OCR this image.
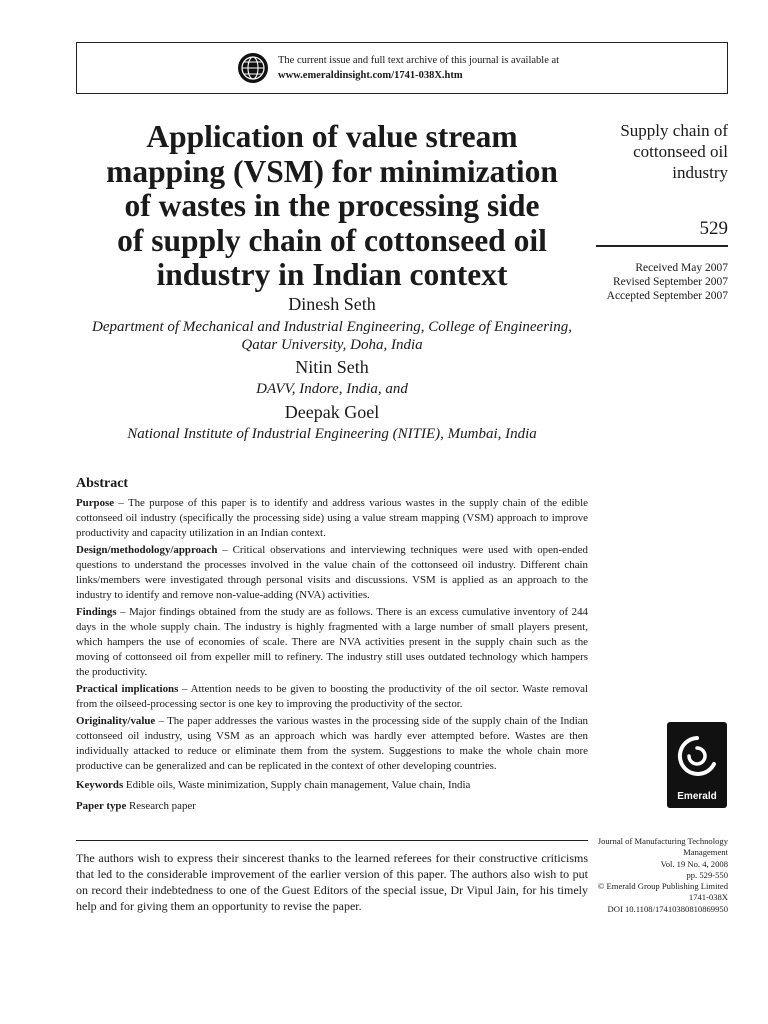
The current issue and full text archive of this journal is available at
www.emeraldinsight.com/1741-038X.htm
Application of value stream
mapping (VSM) for minimization
of wastes in the processing side
of supply chain of cottonseed oil
industry in Indian context
Dinesh Seth
Department of Mechanical and Industrial Engineering, College of Engineering,
Qatar University, Doha, India
Nitin Seth
DAVV, Indore, India, and
Deepak Goel
National Institute of Industrial Engineering (NITIE), Mumbai, India
Supply chain of
cottonseed oil
industry
529
Received May 2007
Revised September 2007
Accepted September 2007
Abstract

Purpose – The purpose of this paper is to identify and address various wastes in the supply chain of the edible cottonseed oil industry (specifically the processing side) using a value stream mapping (VSM) approach to improve productivity and capacity utilization in an Indian context.

Design/methodology/approach – Critical observations and interviewing techniques were used with open-ended questions to understand the processes involved in the value chain of the cottonseed oil industry. Different chain links/members were investigated through personal visits and discussions. VSM is applied as an approach to the industry to identify and remove non-value-adding (NVA) activities.

Findings – Major findings obtained from the study are as follows. There is an excess cumulative inventory of 244 days in the whole supply chain. The industry is highly fragmented with a large number of small players present, which hampers the use of economies of scale. There are NVA activities present in the supply chain such as the moving of cottonseed oil from expeller mill to refinery. The industry still uses outdated technology which hampers the productivity.

Practical implications – Attention needs to be given to boosting the productivity of the oil sector. Waste removal from the oilseed-processing sector is one key to improving the productivity of the sector.

Originality/value – The paper addresses the various wastes in the processing side of the supply chain of the Indian cottonseed oil industry, using VSM as an approach which was hardly ever attempted before. Wastes are then individually attacked to reduce or eliminate them from the system. Suggestions to make the whole chain more productive can be generalized and can be replicated in the context of other developing countries.

Keywords Edible oils, Waste minimization, Supply chain management, Value chain, India
Paper type Research paper
Emerald

The authors wish to express their sincerest thanks to the learned referees for their constructive criticisms that led to the considerable improvement of the earlier version of this paper. The authors also wish to put on record their indebtedness to one of the Guest Editors of the special issue, Dr Vipul Jain, for his timely help and for giving them an opportunity to revise the paper.

Journal of Manufacturing Technology Management
Vol. 19 No. 4, 2008
pp. 529-550
© Emerald Group Publishing Limited
1741-038X
DOI 10.1108/17410380810869950
